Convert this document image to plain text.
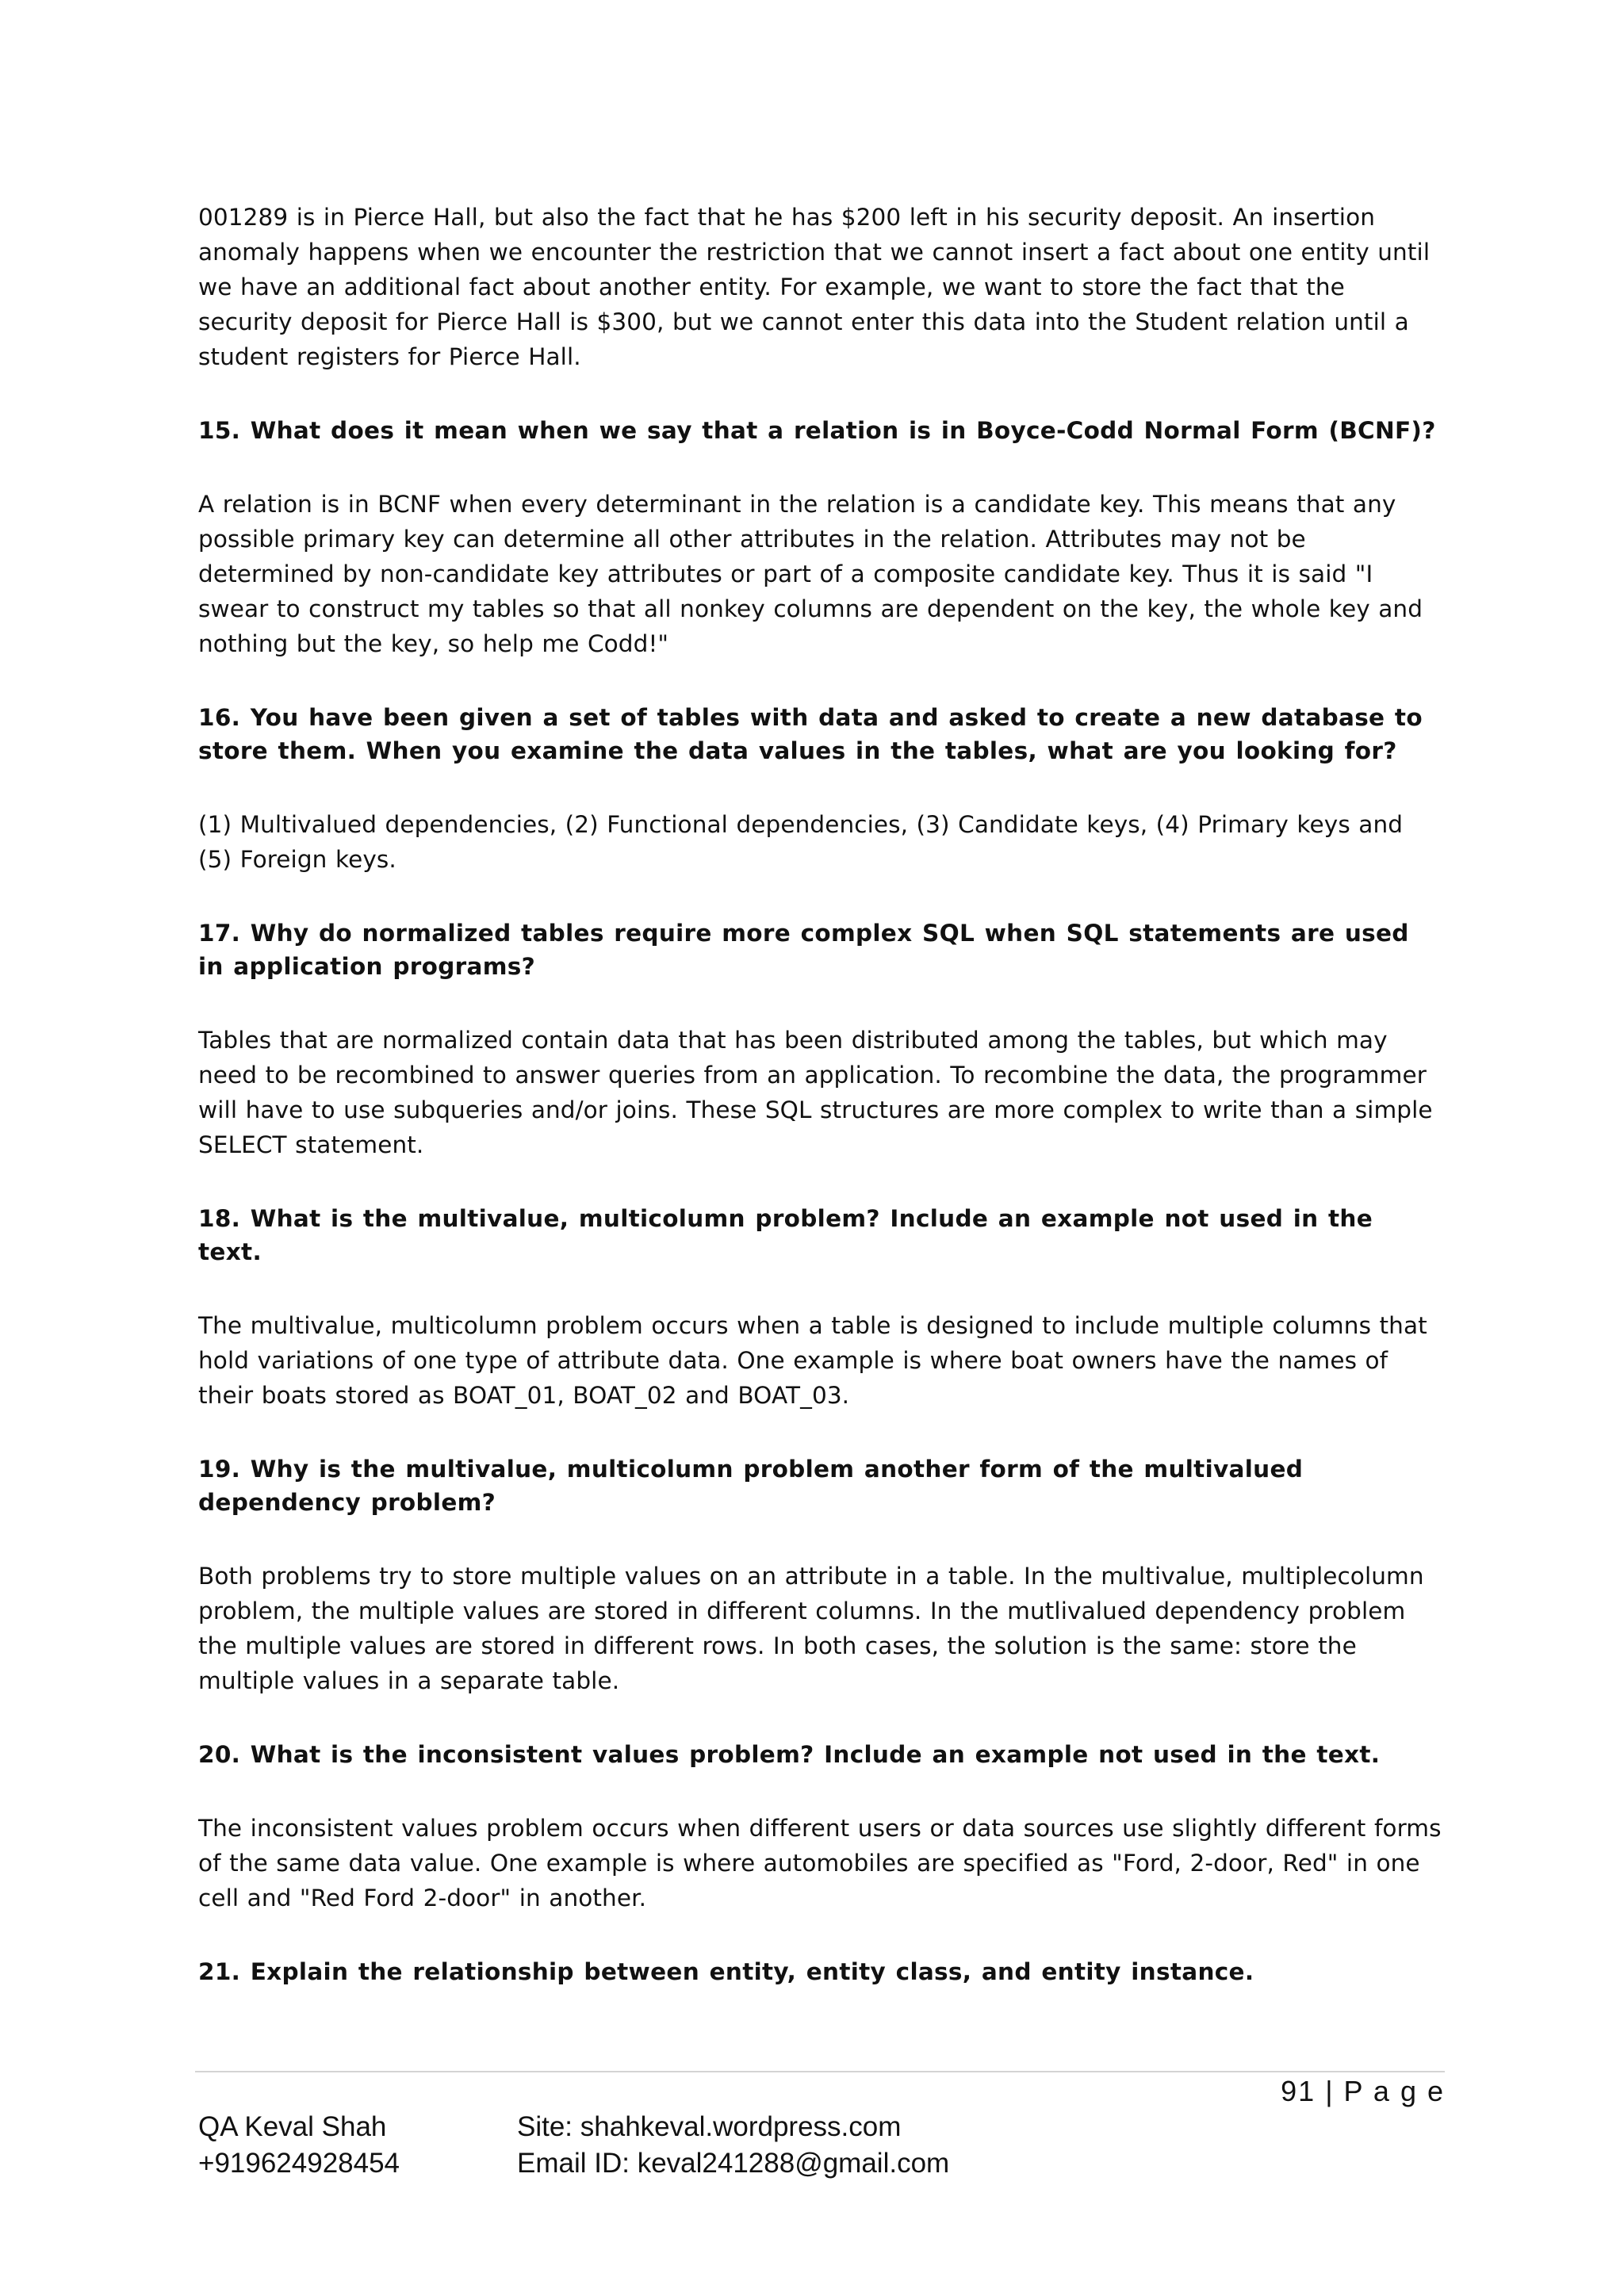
001289 is in Pierce Hall, but also the fact that he has $200 left in his security deposit. An insertion anomaly happens when we encounter the restriction that we cannot insert a fact about one entity until we have an additional fact about another entity. For example, we want to store the fact that the security deposit for Pierce Hall is $300, but we cannot enter this data into the Student relation until a student registers for Pierce Hall.

15. What does it mean when we say that a relation is in Boyce-Codd Normal Form (BCNF)?

A relation is in BCNF when every determinant in the relation is a candidate key. This means that any possible primary key can determine all other attributes in the relation. Attributes may not be determined by non-candidate key attributes or part of a composite candidate key. Thus it is said "I swear to construct my tables so that all nonkey columns are dependent on the key, the whole key and nothing but the key, so help me Codd!"

16. You have been given a set of tables with data and asked to create a new database to store them. When you examine the data values in the tables, what are you looking for?

(1) Multivalued dependencies, (2) Functional dependencies, (3) Candidate keys, (4) Primary keys and (5) Foreign keys.

17. Why do normalized tables require more complex SQL when SQL statements are used in application programs?

Tables that are normalized contain data that has been distributed among the tables, but which may need to be recombined to answer queries from an application. To recombine the data, the programmer will have to use subqueries and/or joins. These SQL structures are more complex to write than a simple SELECT statement.

18. What is the multivalue, multicolumn problem? Include an example not used in the text.

The multivalue, multicolumn problem occurs when a table is designed to include multiple columns that hold variations of one type of attribute data. One example is where boat owners have the names of their boats stored as BOAT_01, BOAT_02 and BOAT_03.

19. Why is the multivalue, multicolumn problem another form of the multivalued dependency problem?

Both problems try to store multiple values on an attribute in a table. In the multivalue, multiplecolumn problem, the multiple values are stored in different columns. In the mutlivalued dependency problem the multiple values are stored in different rows. In both cases, the solution is the same: store the multiple values in a separate table.

20. What is the inconsistent values problem? Include an example not used in the text.

The inconsistent values problem occurs when different users or data sources use slightly different forms of the same data value. One example is where automobiles are specified as "Ford, 2-door, Red" in one cell and "Red Ford 2-door" in another.

21. Explain the relationship between entity, entity class, and entity instance.

91 | P a g e

QA Keval Shah

+919624928454

Site: shahkeval.wordpress.com

Email ID: keval241288@gmail.com
